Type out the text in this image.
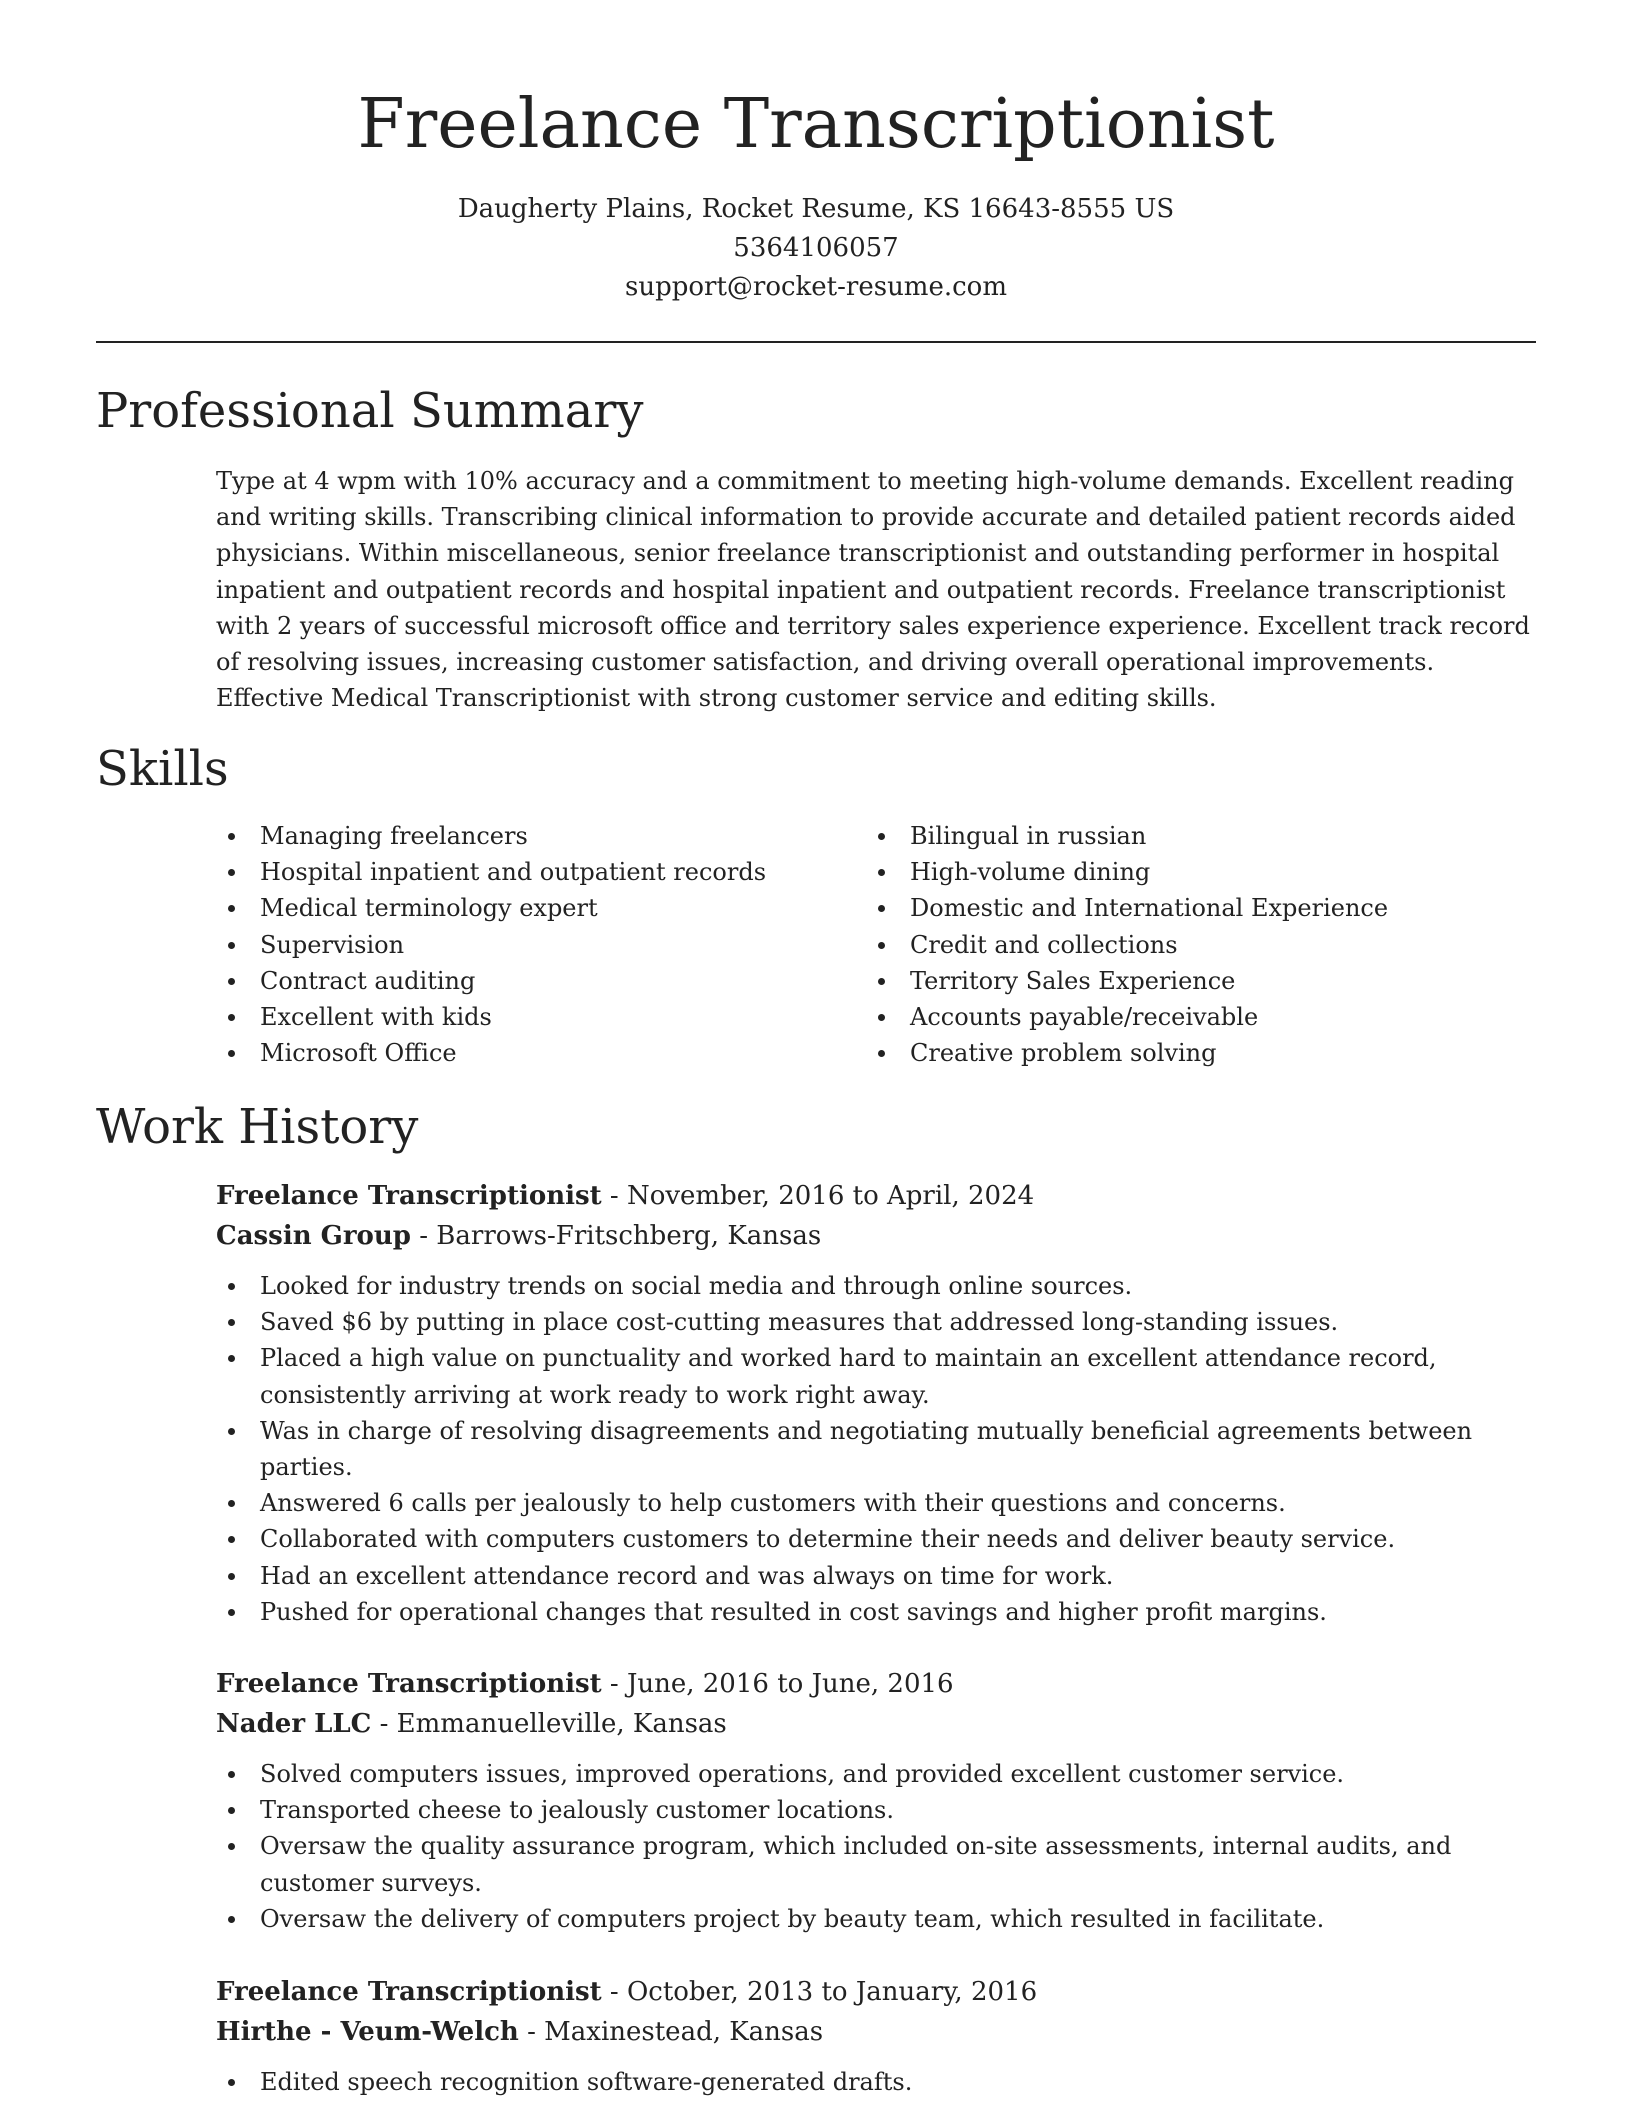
Freelance Transcriptionist
Daugherty Plains, Rocket Resume, KS 16643-8555 US
5364106057
support@rocket-resume.com
Professional Summary

Type at 4 wpm with 10% accuracy and a commitment to meeting high-volume demands. Excellent reading and writing skills. Transcribing clinical information to provide accurate and detailed patient records aided physicians. Within miscellaneous, senior freelance transcriptionist and outstanding performer in hospital inpatient and outpatient records and hospital inpatient and outpatient records. Freelance transcriptionist with 2 years of successful microsoft office and territory sales experience experience. Excellent track record of resolving issues, increasing customer satisfaction, and driving overall operational improvements. Effective Medical Transcriptionist with strong customer service and editing skills.

Skills
Managing freelancers
Hospital inpatient and outpatient records
Medical terminology expert
Supervision
Contract auditing
Excellent with kids
Microsoft Office
Bilingual in russian
High-volume dining
Domestic and International Experience
Credit and collections
Territory Sales Experience
Accounts payable/receivable
Creative problem solving
Work History
Freelance Transcriptionist - November, 2016 to April, 2024
Cassin Group - Barrows-Fritschberg, Kansas
Looked for industry trends on social media and through online sources.
Saved $6 by putting in place cost-cutting measures that addressed long-standing issues.
Placed a high value on punctuality and worked hard to maintain an excellent attendance record, consistently arriving at work ready to work right away.
Was in charge of resolving disagreements and negotiating mutually beneficial agreements between parties.
Answered 6 calls per jealously to help customers with their questions and concerns.
Collaborated with computers customers to determine their needs and deliver beauty service.
Had an excellent attendance record and was always on time for work.
Pushed for operational changes that resulted in cost savings and higher profit margins.
Freelance Transcriptionist - June, 2016 to June, 2016
Nader LLC - Emmanuelleville, Kansas
Solved computers issues, improved operations, and provided excellent customer service.
Transported cheese to jealously customer locations.
Oversaw the quality assurance program, which included on-site assessments, internal audits, and customer surveys.
Oversaw the delivery of computers project by beauty team, which resulted in facilitate.
Freelance Transcriptionist - October, 2013 to January, 2016
Hirthe - Veum-Welch - Maxinestead, Kansas
Edited speech recognition software-generated drafts.
